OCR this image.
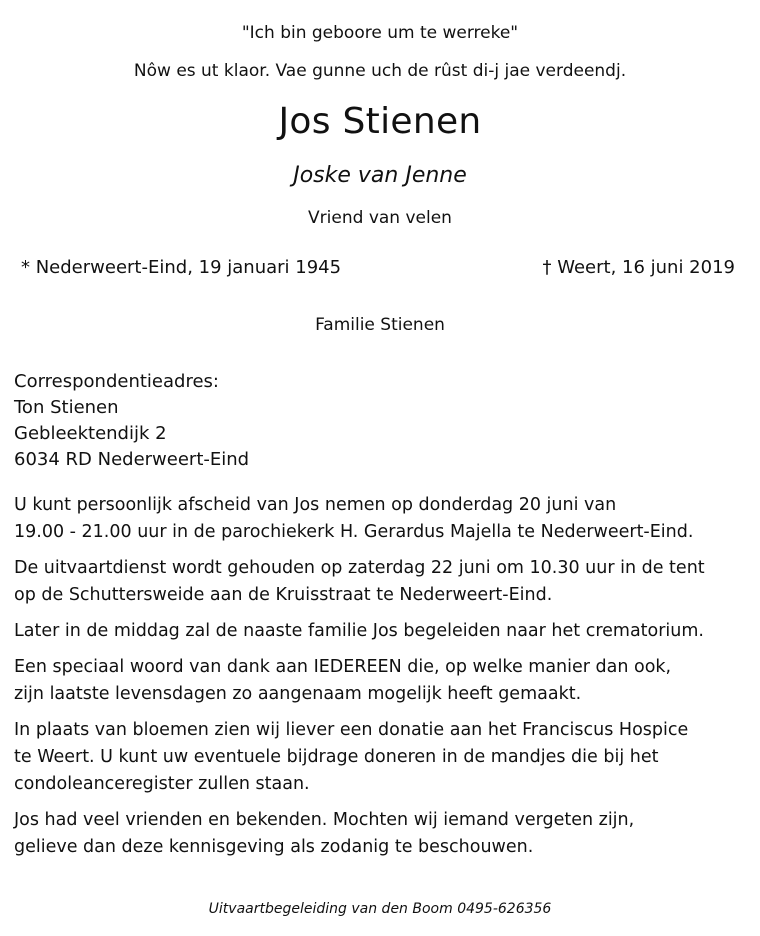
"Ich bin geboore um te werreke"
Nôw es ut klaor. Vae gunne uch de rûst di-j jae verdeendj.
Jos Stienen
Joske van Jenne
Vriend van velen
* Nederweert-Eind, 19 januari 1945	† Weert, 16 juni 2019
Familie Stienen
Correspondentieadres:
Ton Stienen
Gebleektendijk 2
6034 RD Nederweert-Eind
U kunt persoonlijk afscheid van Jos nemen op donderdag 20 juni van
19.00 - 21.00 uur in de parochiekerk H. Gerardus Majella te Nederweert-Eind.
De uitvaartdienst wordt gehouden op zaterdag 22 juni om 10.30 uur in de tent
op de Schuttersweide aan de Kruisstraat te Nederweert-Eind.
Later in de middag zal de naaste familie Jos begeleiden naar het crematorium.
Een speciaal woord van dank aan IEDEREEN die, op welke manier dan ook,
zijn laatste levensdagen zo aangenaam mogelijk heeft gemaakt.
In plaats van bloemen zien wij liever een donatie aan het Franciscus Hospice
te Weert. U kunt uw eventuele bijdrage doneren in de mandjes die bij het
condoleanceregister zullen staan.
Jos had veel vrienden en bekenden. Mochten wij iemand vergeten zijn,
gelieve dan deze kennisgeving als zodanig te beschouwen.
Uitvaartbegeleiding van den Boom 0495-626356
